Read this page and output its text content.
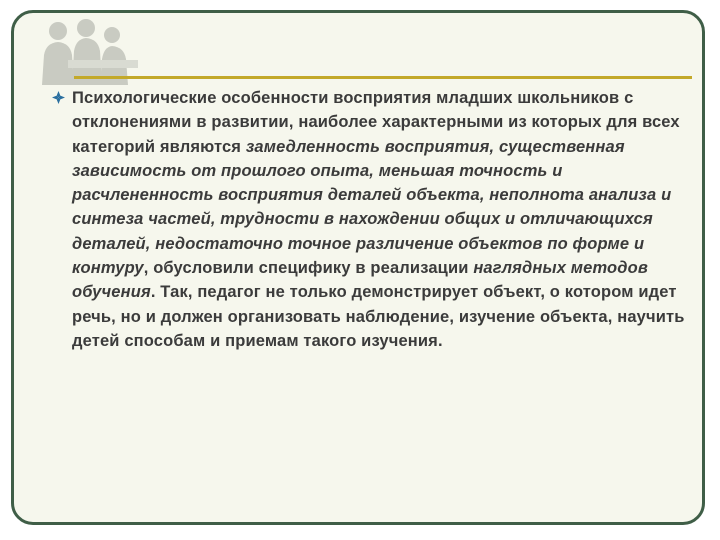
Психологические особенности восприятия младших школьников с отклонениями в развитии, наиболее характерными из которых для всех категорий являются замедленность восприятия, существенная зависимость от прошлого опыта, меньшая точность и расчлененность восприятия деталей объекта, неполнота анализа и синтеза частей, трудности в нахождении общих и отличающихся деталей, недостаточно точное различение объектов по форме и контуру, обусловили специфику в реализации наглядных методов обучения. Так, педагог не только демонстрирует объект, о котором идет речь, но и должен организовать наблюдение, изучение объекта, научить детей способам и приемам такого изучения.
